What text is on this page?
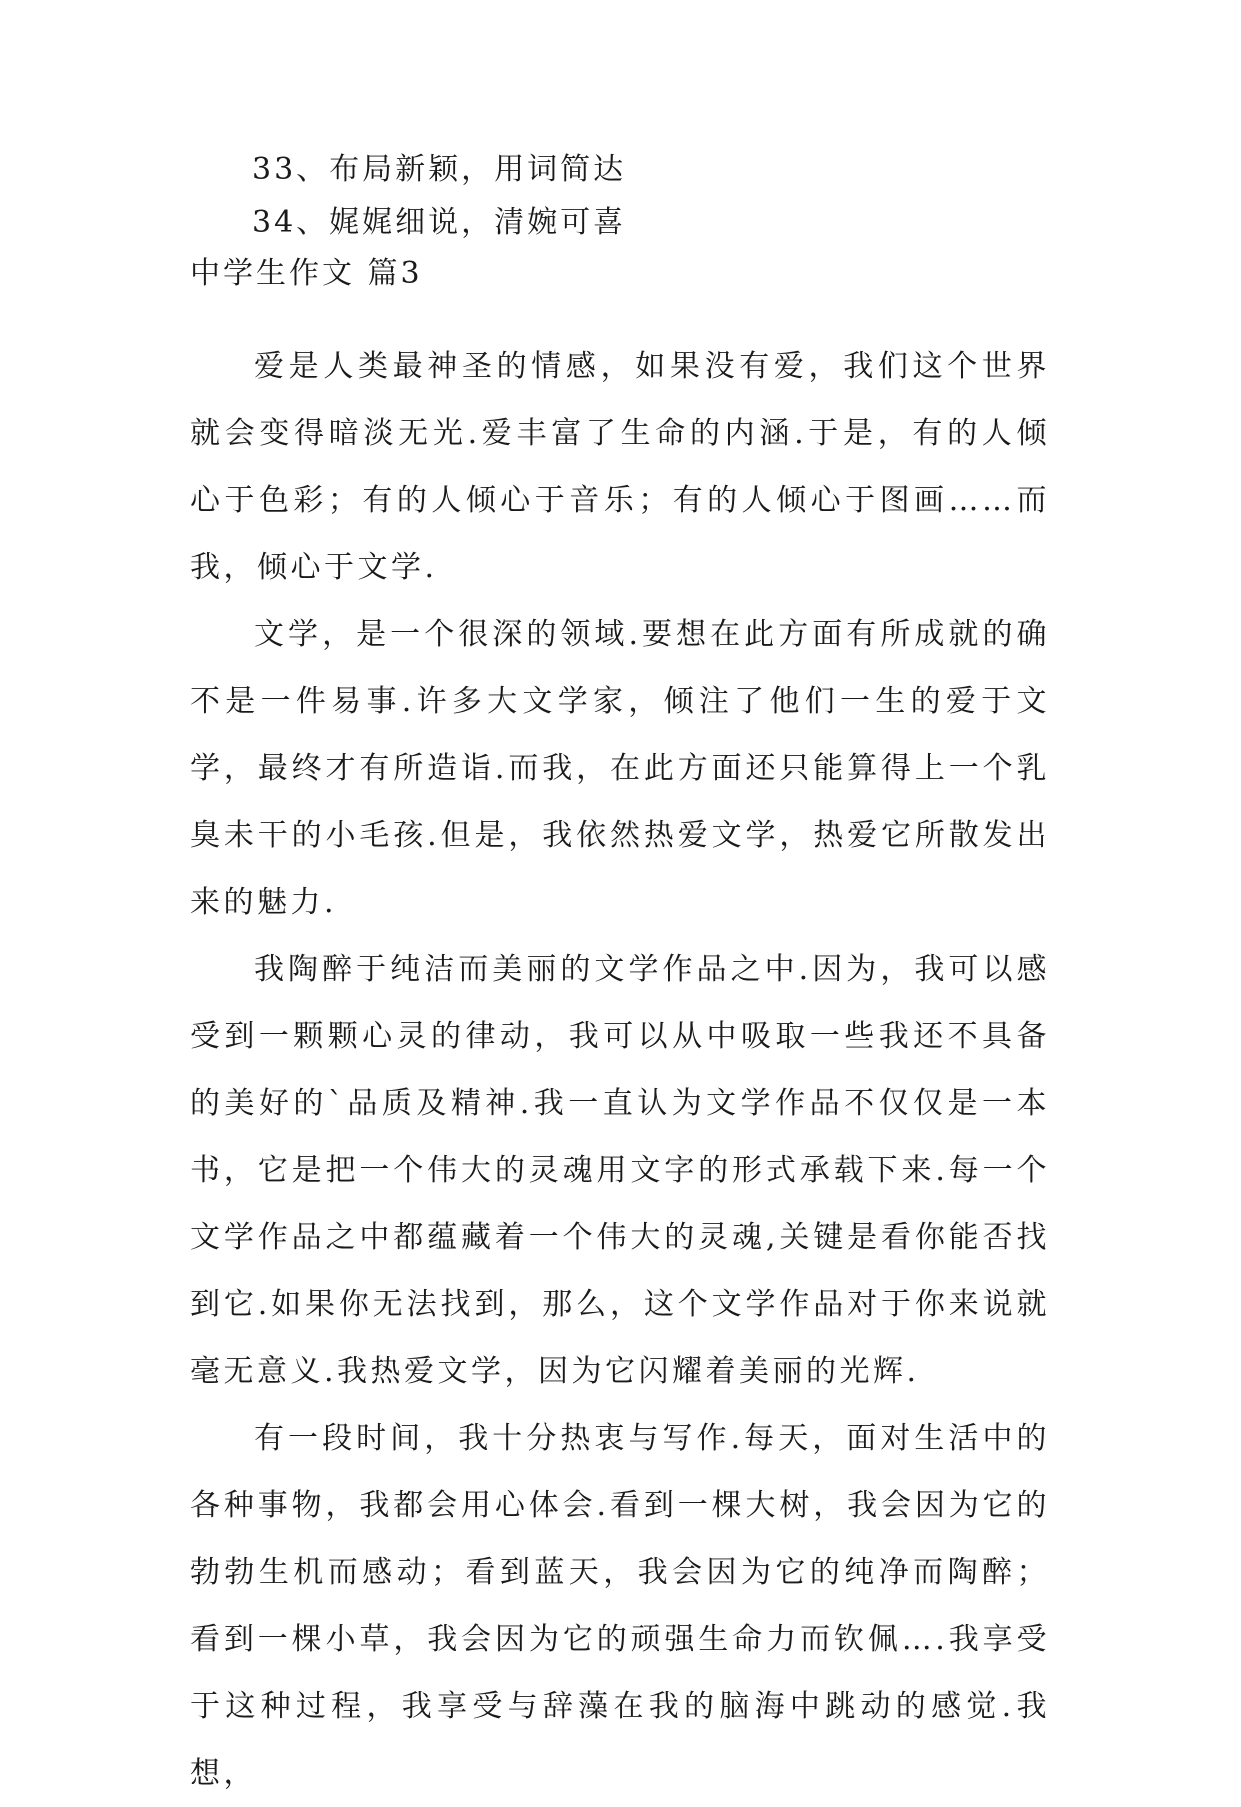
33、布局新颖，用词简达
34、娓娓细说，清婉可喜
中学生作文 篇3

爱是人类最神圣的情感，如果没有爱，我们这个世界就会变得暗淡无光.爱丰富了生命的内涵.于是，有的人倾心于色彩；有的人倾心于音乐；有的人倾心于图画……而我，倾心于文学.

文学，是一个很深的领域.要想在此方面有所成就的确不是一件易事.许多大文学家，倾注了他们一生的爱于文学，最终才有所造诣.而我，在此方面还只能算得上一个乳臭未干的小毛孩.但是，我依然热爱文学，热爱它所散发出来的魅力.

我陶醉于纯洁而美丽的文学作品之中.因为，我可以感受到一颗颗心灵的律动，我可以从中吸取一些我还不具备的美好的`品质及精神.我一直认为文学作品不仅仅是一本书，它是把一个伟大的灵魂用文字的形式承载下来.每一个文学作品之中都蕴藏着一个伟大的灵魂,关键是看你能否找到它.如果你无法找到，那么，这个文学作品对于你来说就毫无意义.我热爱文学，因为它闪耀着美丽的光辉.

有一段时间，我十分热衷与写作.每天，面对生活中的各种事物，我都会用心体会.看到一棵大树，我会因为它的勃勃生机而感动；看到蓝天，我会因为它的纯净而陶醉；看到一棵小草，我会因为它的顽强生命力而钦佩….我享受于这种过程，我享受与辞藻在我的脑海中跳动的感觉.我想，
